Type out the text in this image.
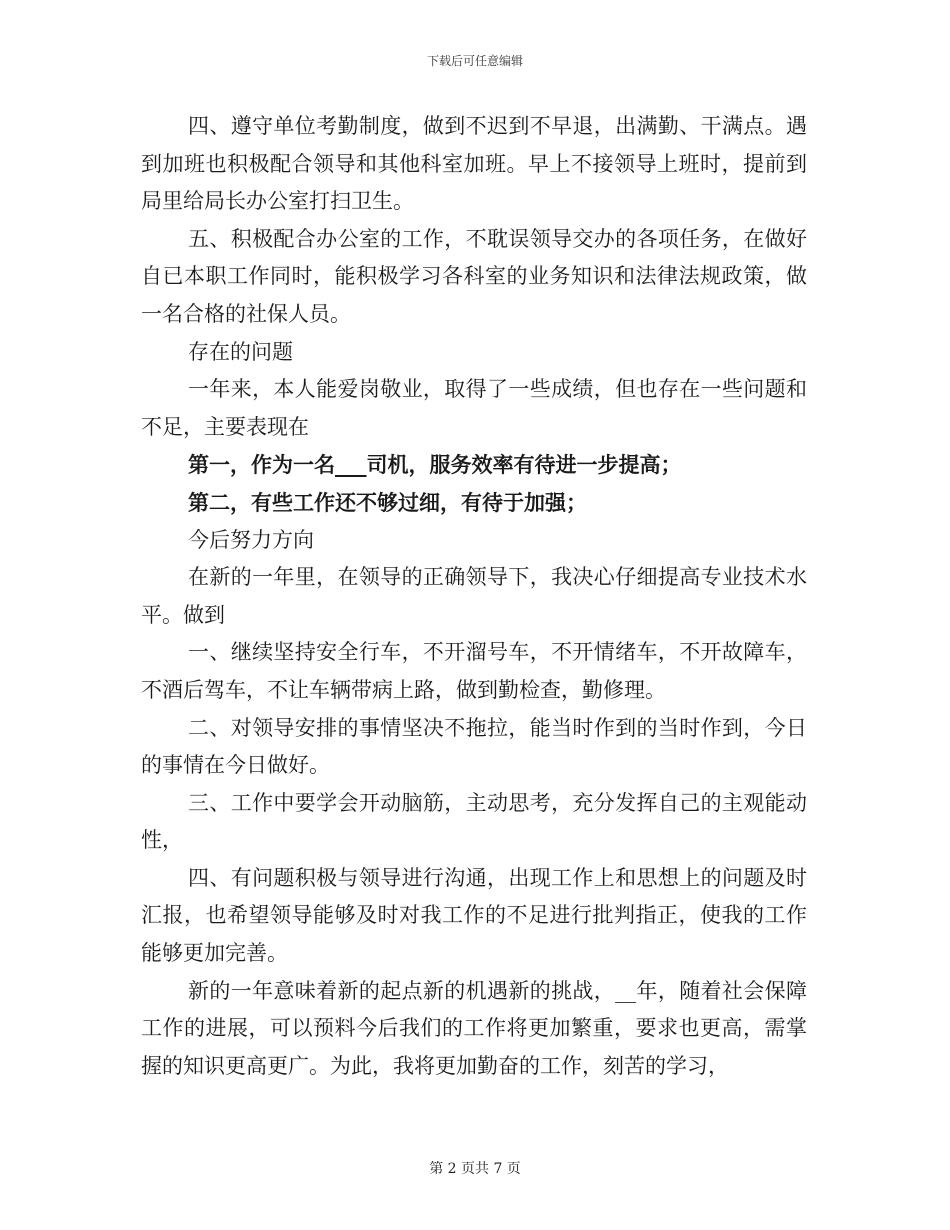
下载后可任意编辑

四、遵守单位考勤制度，做到不迟到不早退，出满勤、干满点。遇到加班也积极配合领导和其他科室加班。早上不接领导上班时，提前到局里给局长办公室打扫卫生。

五、积极配合办公室的工作，不耽误领导交办的各项任务，在做好自已本职工作同时，能积极学习各科室的业务知识和法律法规政策，做一名合格的社保人员。

存在的问题

一年来，本人能爱岗敬业，取得了一些成绩，但也存在一些问题和不足，主要表现在

第一，作为一名___司机，服务效率有待进一步提高；

第二，有些工作还不够过细，有待于加强；

今后努力方向

在新的一年里，在领导的正确领导下，我决心仔细提高专业技术水平。做到

一、继续坚持安全行车，不开溜号车，不开情绪车，不开故障车，不酒后驾车，不让车辆带病上路，做到勤检查，勤修理。

二、对领导安排的事情坚决不拖拉，能当时作到的当时作到，今日的事情在今日做好。

三、工作中要学会开动脑筋，主动思考，充分发挥自己的主观能动性，

四、有问题积极与领导进行沟通，出现工作上和思想上的问题及时汇报，也希望领导能够及时对我工作的不足进行批判指正，使我的工作能够更加完善。

新的一年意味着新的起点新的机遇新的挑战，__年，随着社会保障工作的进展，可以预料今后我们的工作将更加繁重，要求也更高，需掌握的知识更高更广。为此，我将更加勤奋的工作，刻苦的学习，

第 2 页共 7 页
